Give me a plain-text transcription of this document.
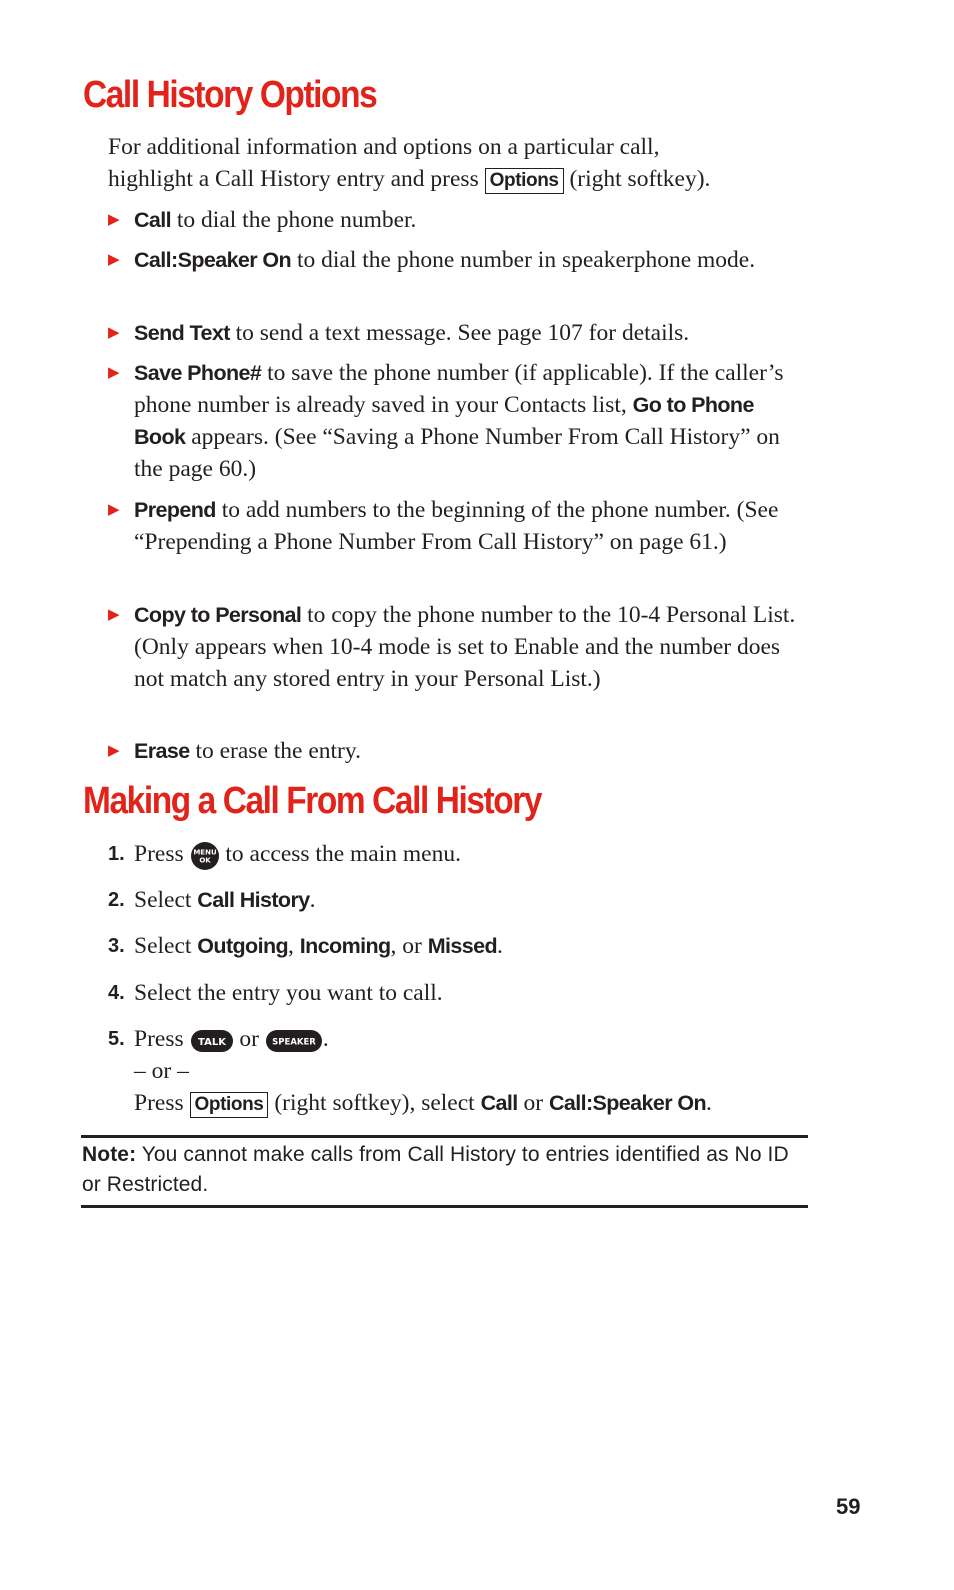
Call History Options
For additional information and options on a particular call,
highlight a Call History entry and press Options (right softkey).
▶ Call to dial the phone number.
▶ Call:Speaker On to dial the phone number in speakerphone mode.
▶ Send Text to send a text message. See page 107 for details.
▶ Save Phone# to save the phone number (if applicable). If the caller’s phone number is already saved in your Contacts list, Go to Phone Book appears. (See “Saving a Phone Number From Call History” on the page 60.)
▶ Prepend to add numbers to the beginning of the phone number. (See “Prepending a Phone Number From Call History” on page 61.)
▶ Copy to Personal to copy the phone number to the 10-4 Personal List. (Only appears when 10-4 mode is set to Enable and the number does not match any stored entry in your Personal List.)
▶ Erase to erase the entry.
Making a Call From Call History
1. Press MENU
OK to access the main menu.
2. Select Call History.
3. Select Outgoing, Incoming, or Missed.
4. Select the entry you want to call.
5. Press TALK or SPEAKER .
– or –
Press Options (right softkey), select Call or Call:Speaker On.
Note: You cannot make calls from Call History to entries identified as No ID or Restricted.
59
